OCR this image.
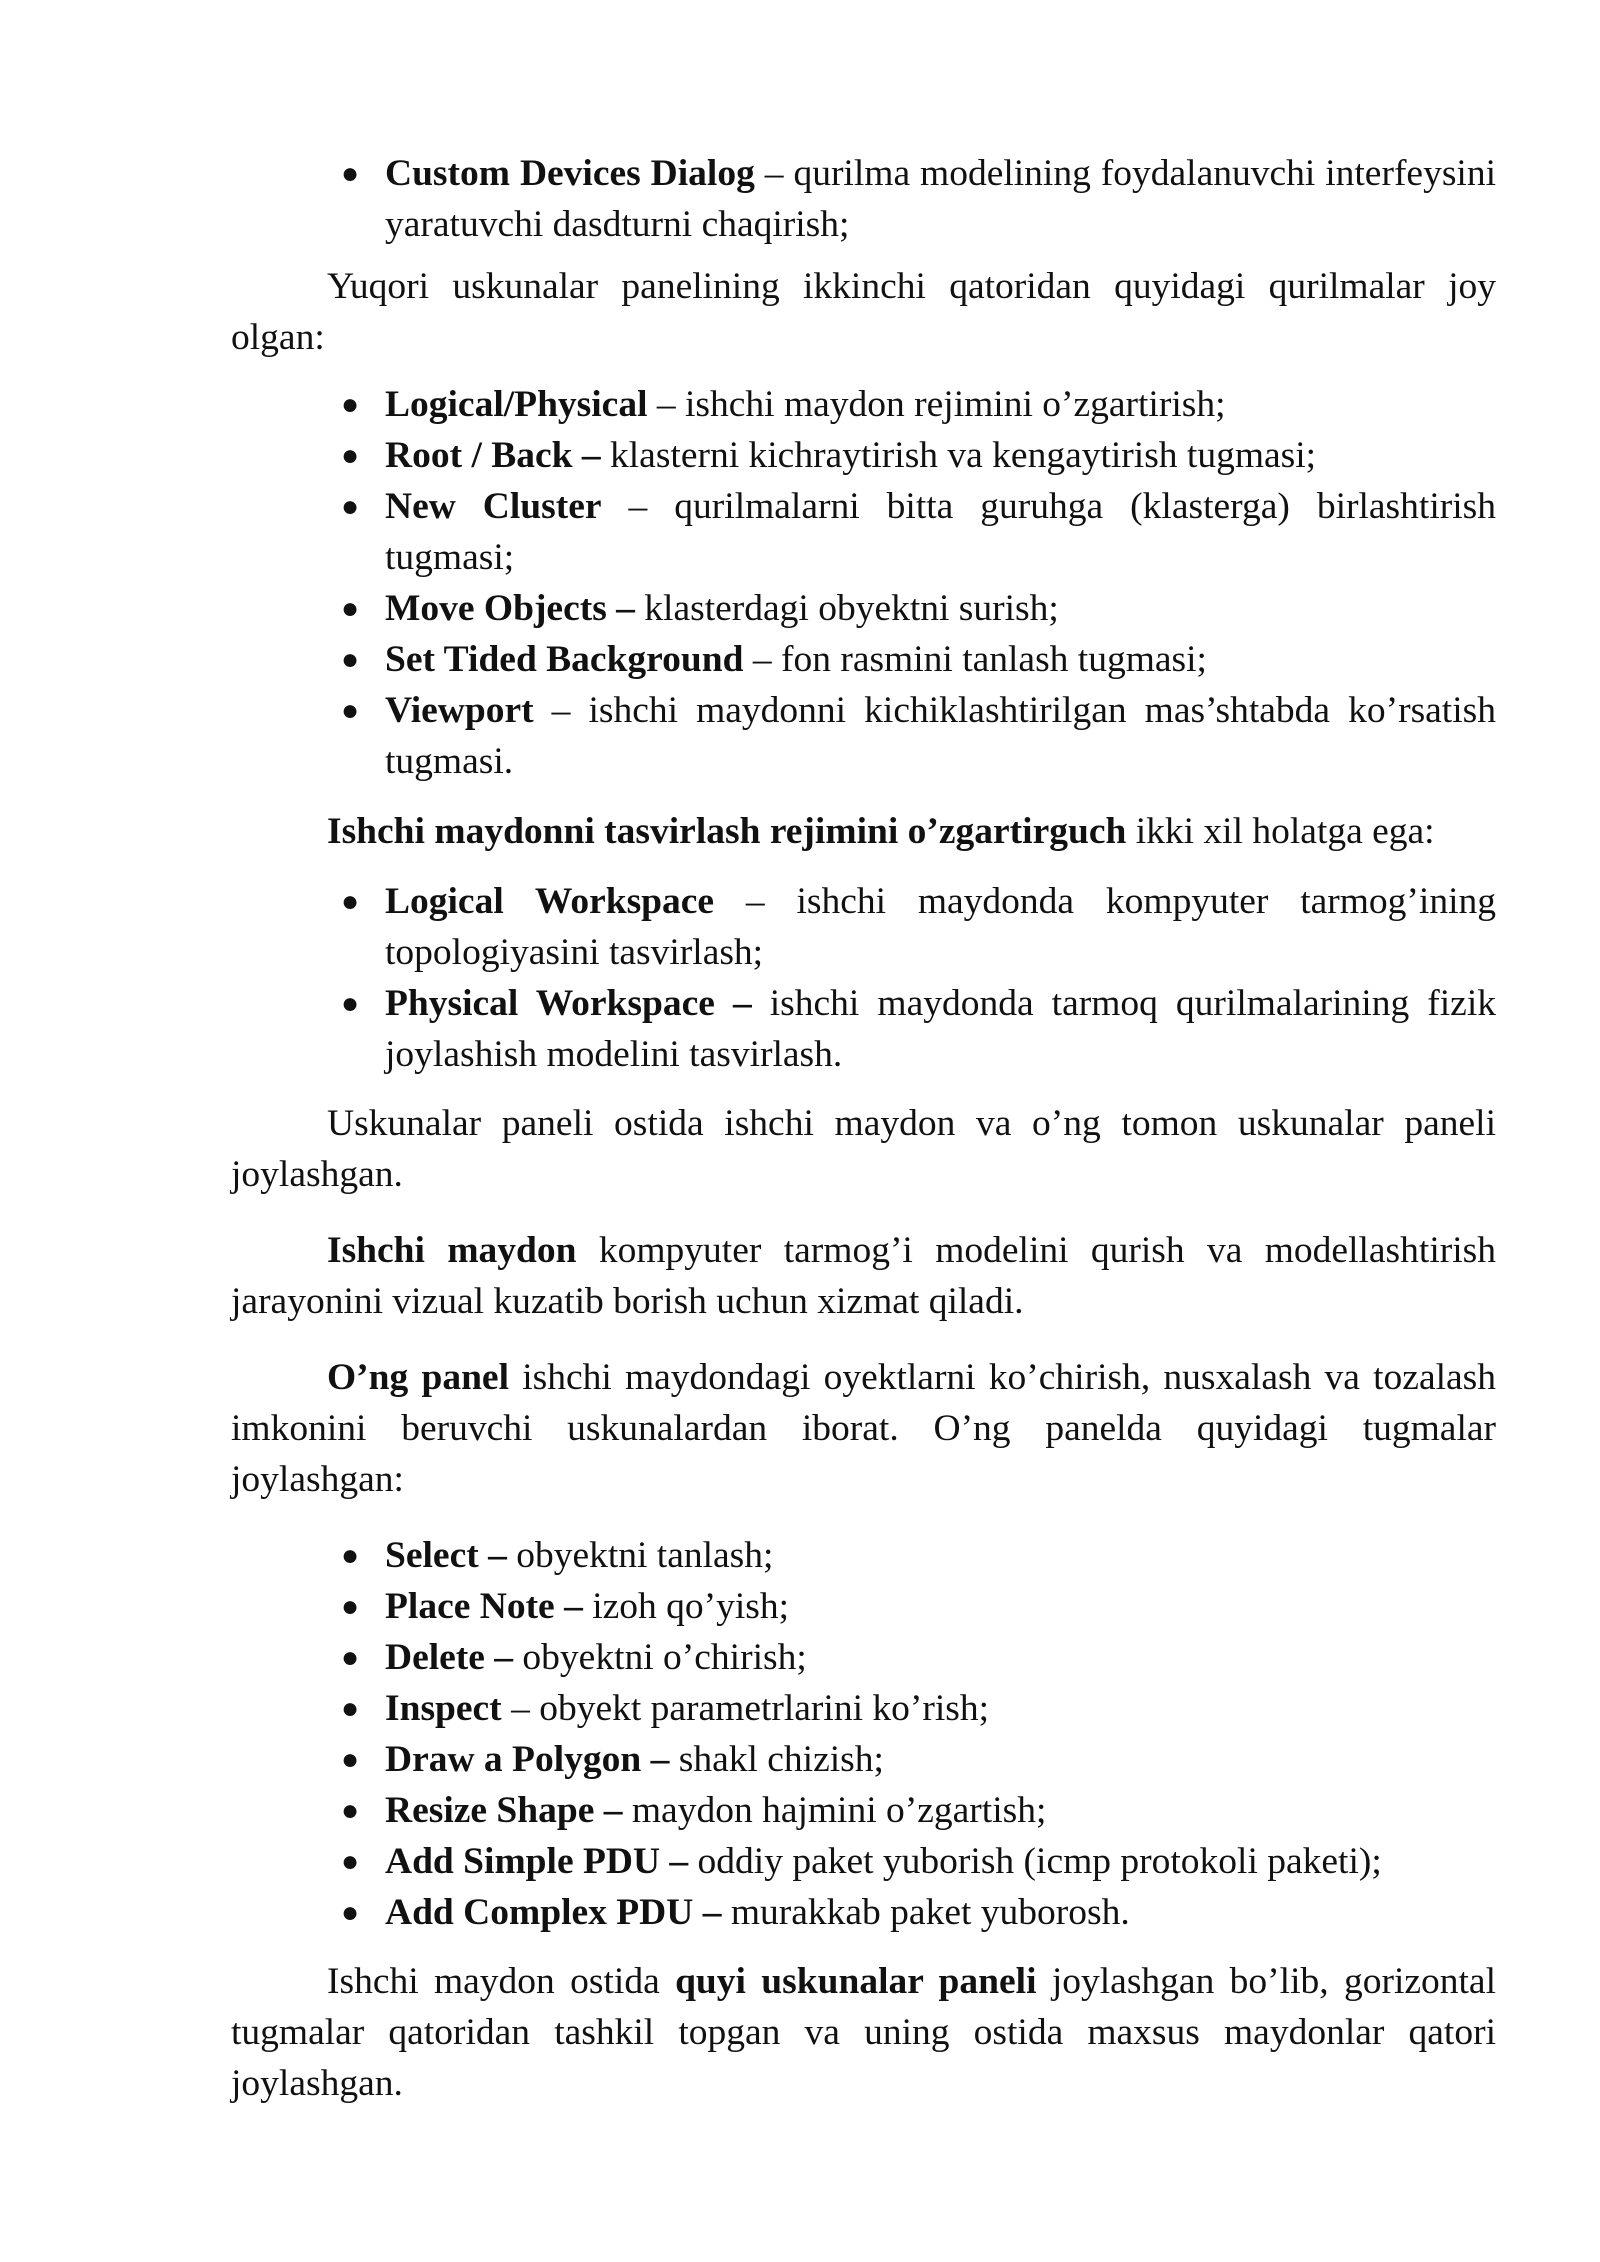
● Custom Devices Dialog – qurilma modelining foydalanuvchi interfeysini yaratuvchi dasdturni chaqirish;

Yuqori uskunalar panelining ikkinchi qatoridan quyidagi qurilmalar joy olgan:

● Logical/Physical – ishchi maydon rejimini o’zgartirish;
● Root / Back – klasterni kichraytirish va kengaytirish tugmasi;
● New Cluster – qurilmalarni bitta guruhga (klasterga) birlashtirish tugmasi;
● Move Objects – klasterdagi obyektni surish;
● Set Tided Background – fon rasmini tanlash tugmasi;
● Viewport – ishchi maydonni kichiklashtirilgan mas’shtabda ko’rsatish tugmasi.

Ishchi maydonni tasvirlash rejimini o’zgartirguch ikki xil holatga ega:

● Logical Workspace – ishchi maydonda kompyuter tarmog’ining topologiyasini tasvirlash;
● Physical Workspace – ishchi maydonda tarmoq qurilmalarining fizik joylashish modelini tasvirlash.

Uskunalar paneli ostida ishchi maydon va o’ng tomon uskunalar paneli joylashgan.

Ishchi maydon kompyuter tarmog’i modelini qurish va modellashtirish jarayonini vizual kuzatib borish uchun xizmat qiladi.

O’ng panel ishchi maydondagi oyektlarni ko’chirish, nusxalash va tozalash imkonini beruvchi uskunalardan iborat. O’ng panelda quyidagi tugmalar joylashgan:

● Select – obyektni tanlash;
● Place Note – izoh qo’yish;
● Delete – obyektni o’chirish;
● Inspect – obyekt parametrlarini ko’rish;
● Draw a Polygon – shakl chizish;
● Resize Shape – maydon hajmini o’zgartish;
● Add Simple PDU – oddiy paket yuborish (icmp protokoli paketi);
● Add Complex PDU – murakkab paket yuborosh.

Ishchi maydon ostida quyi uskunalar paneli joylashgan bo’lib, gorizontal tugmalar qatoridan tashkil topgan va uning ostida maxsus maydonlar qatori joylashgan.
